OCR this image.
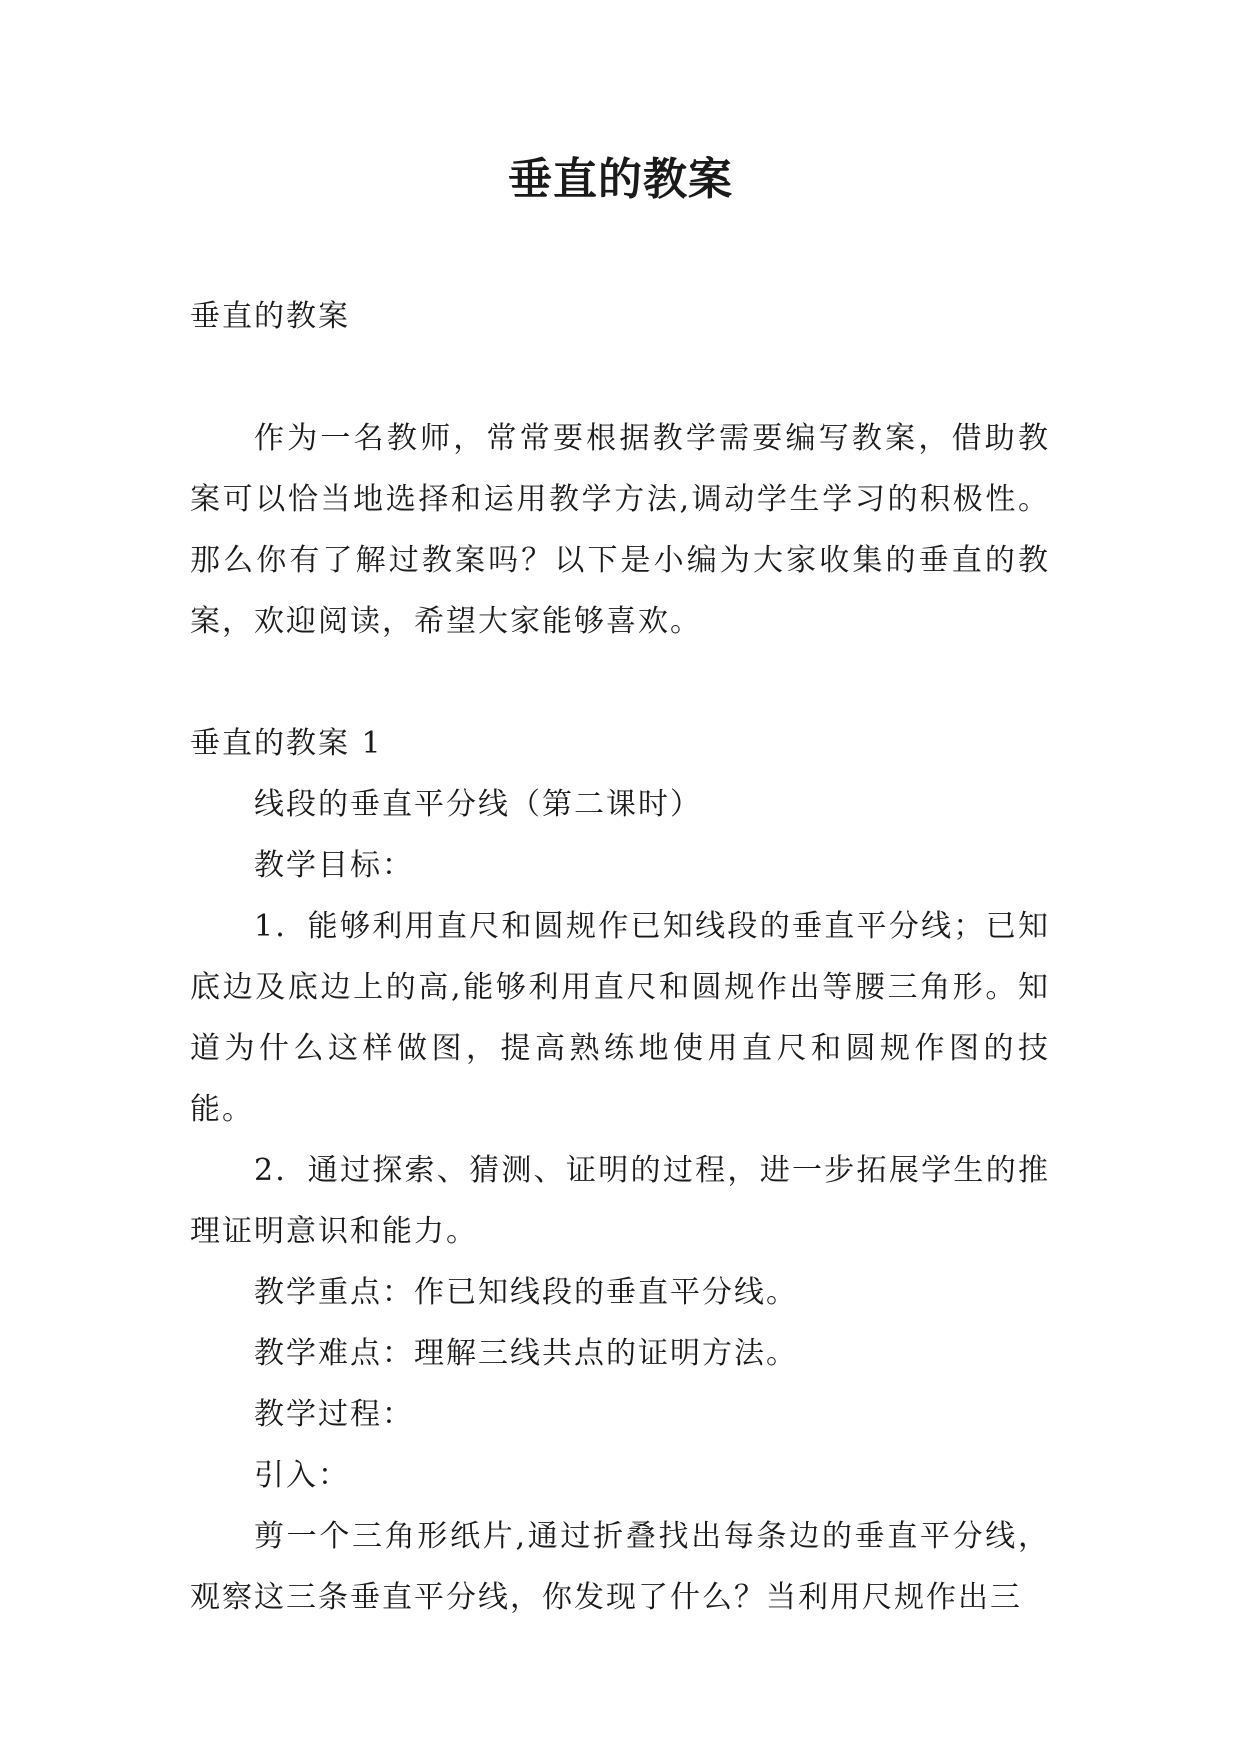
垂直的教案

垂直的教案

作为一名教师，常常要根据教学需要编写教案，借助教案可以恰当地选择和运用教学方法,调动学生学习的积极性。那么你有了解过教案吗？以下是小编为大家收集的垂直的教案，欢迎阅读，希望大家能够喜欢。

垂直的教案 1

线段的垂直平分线（第二课时）

教学目标：

1．能够利用直尺和圆规作已知线段的垂直平分线；已知底边及底边上的高,能够利用直尺和圆规作出等腰三角形。知道为什么这样做图，提高熟练地使用直尺和圆规作图的技能。

2．通过探索、猜测、证明的过程，进一步拓展学生的推理证明意识和能力。

教学重点：作已知线段的垂直平分线。

教学难点：理解三线共点的证明方法。

教学过程：

引入：

剪一个三角形纸片,通过折叠找出每条边的垂直平分线，观察这三条垂直平分线，你发现了什么？当利用尺规作出三
